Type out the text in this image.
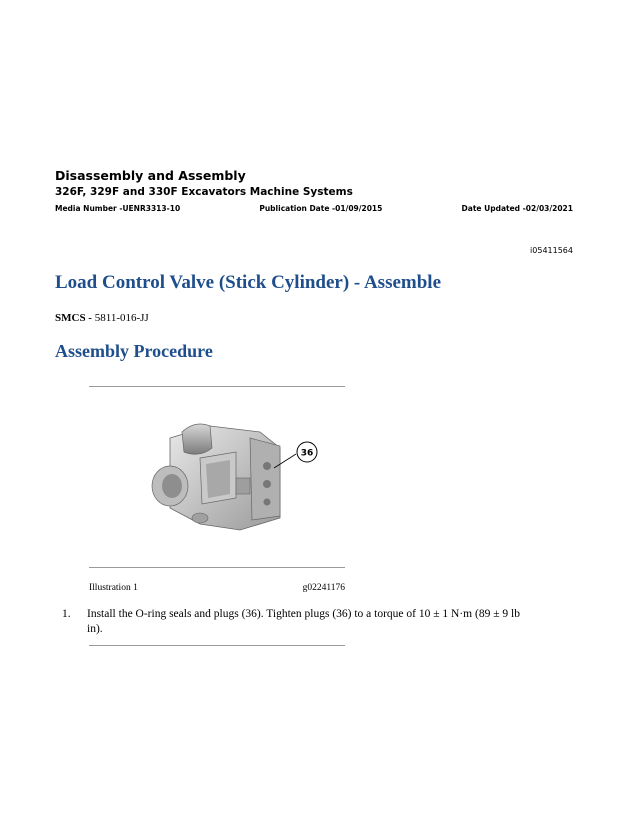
Disassembly and Assembly

326F, 329F and 330F Excavators Machine Systems

Media Number -UENR3313-10	Publication Date -01/09/2015	Date Updated -02/03/2021
i05411564
Load Control Valve (Stick Cylinder) - Assemble
SMCS - 5811-016-JJ
Assembly Procedure
36
Illustration 1	g02241176
1.	Install the O-ring seals and plugs (36). Tighten plugs (36) to a torque of 10 ± 1 N·m (89 ± 9 lb in).
